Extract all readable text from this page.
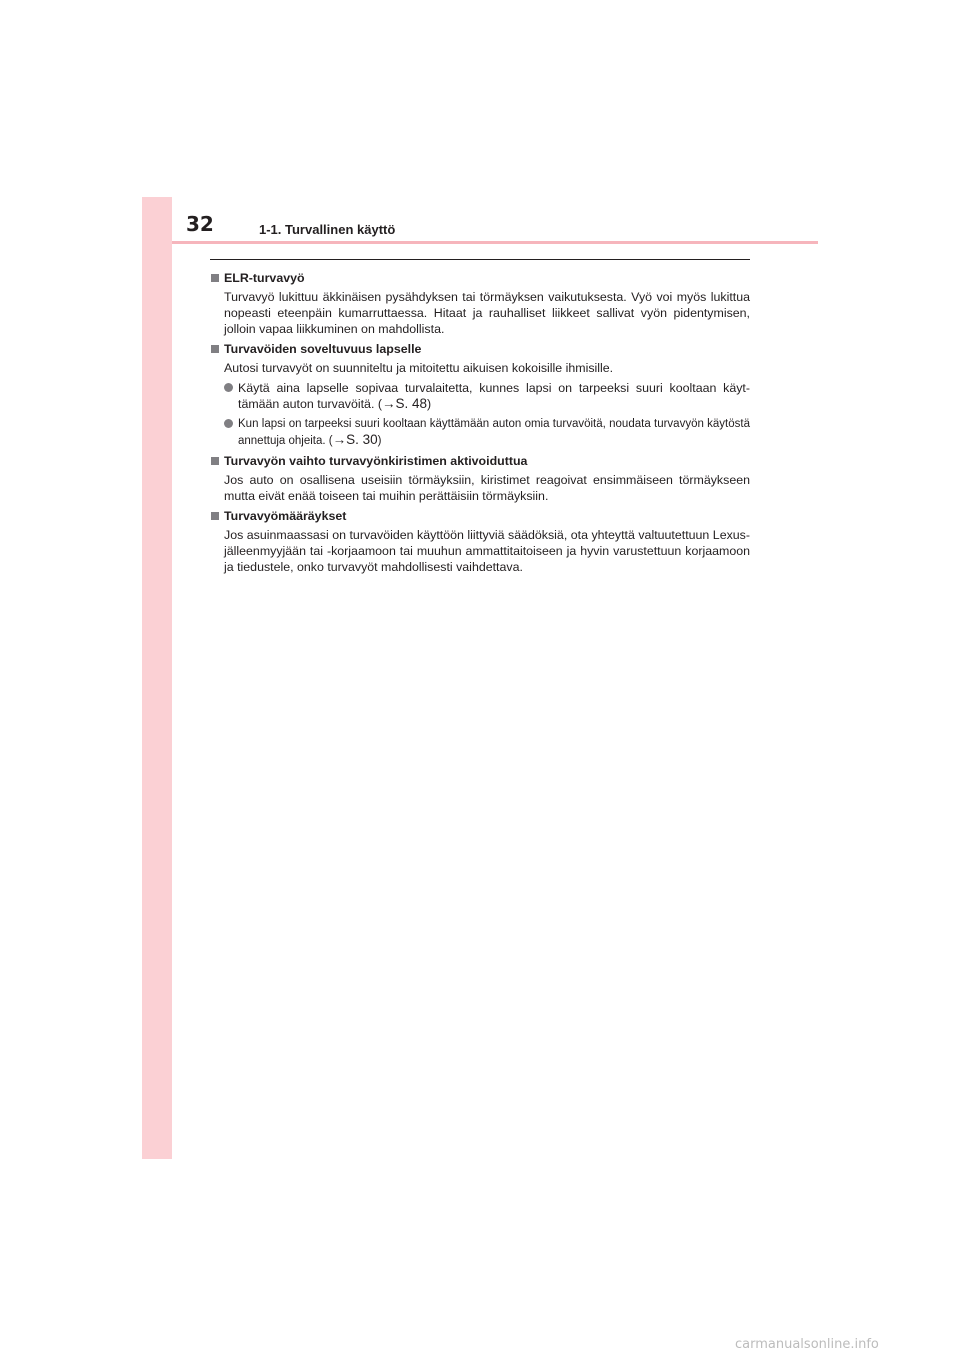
32	1-1. Turvallinen käyttö
ELR-turvavyö
Turvavyö lukittuu äkkinäisen pysähdyksen tai törmäyksen vaikutuksesta. Vyö voi myös lukittua nopeasti eteenpäin kumarruttaessa. Hitaat ja rauhalliset liikkeet sallivat vyön pidentymisen, jolloin vapaa liikkuminen on mahdollista.
Turvavöiden soveltuvuus lapselle
Autosi turvavyöt on suunniteltu ja mitoitettu aikuisen kokoisille ihmisille.
Käytä aina lapselle sopivaa turvalaitetta, kunnes lapsi on tarpeeksi suuri kooltaan käyt-tämään auton turvavöitä. (→S. 48)
Kun lapsi on tarpeeksi suuri kooltaan käyttämään auton omia turvavöitä, noudata turvavyön käytöstä annettuja ohjeita. (→S. 30)
Turvavyön vaihto turvavyönkiristimen aktivoiduttua
Jos auto on osallisena useisiin törmäyksiin, kiristimet reagoivat ensimmäiseen törmäykseen mutta eivät enää toiseen tai muihin perättäisiin törmäyksiin.
Turvavyömääräykset
Jos asuinmaassasi on turvavöiden käyttöön liittyviä säädöksiä, ota yhteyttä valtuutettuun Lexus-jälleenmyyjään tai -korjaamoon tai muuhun ammattitaitoiseen ja hyvin varustettuun korjaamoon ja tiedustele, onko turvavyöt mahdollisesti vaihdettava.
carmanualsonline.info
